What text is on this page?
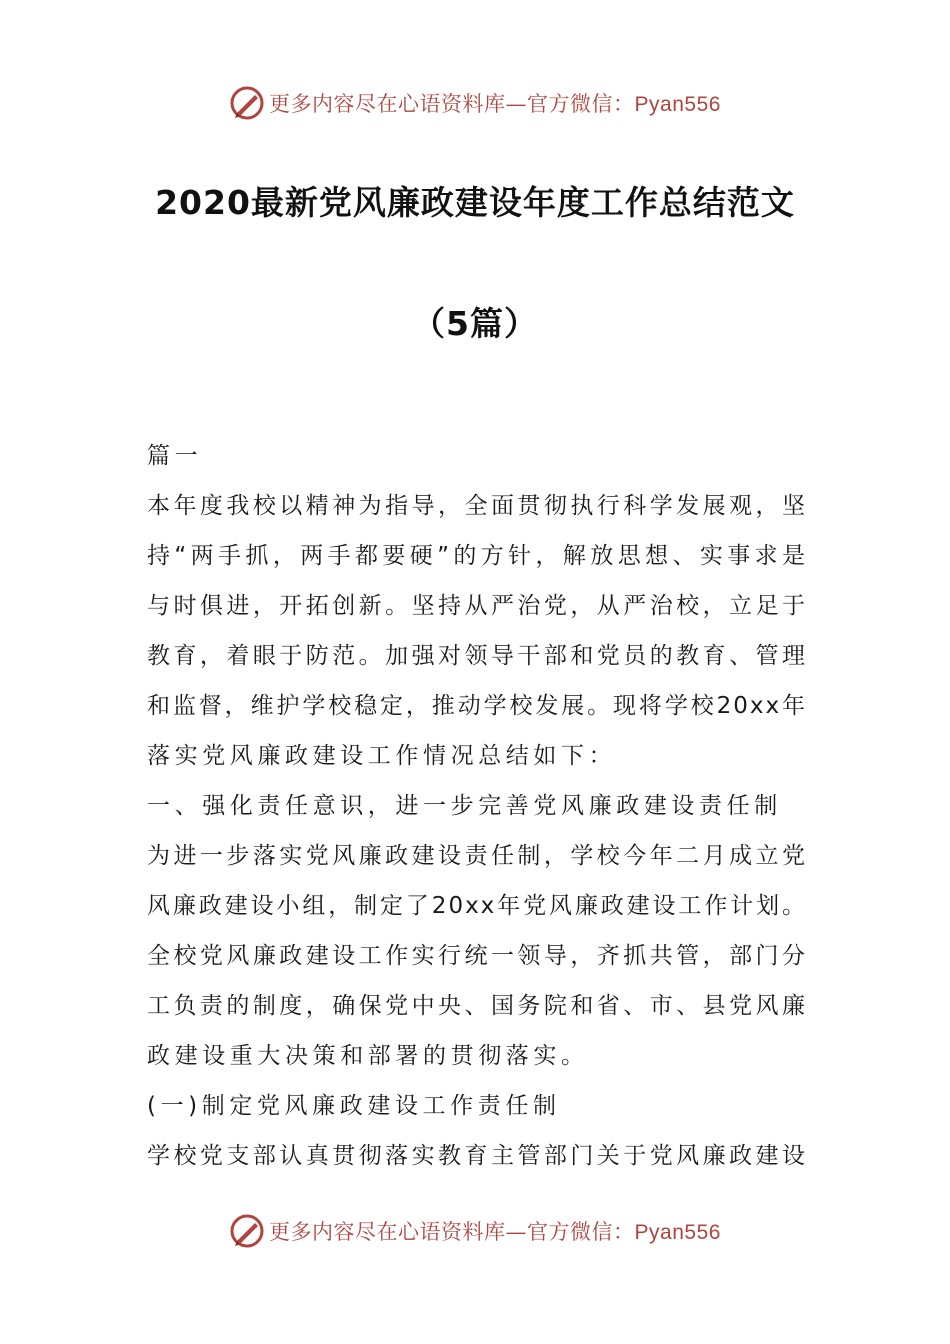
更多内容尽在心语资料库—官方微信：Pyan556
2020最新党风廉政建设年度工作总结范文
（5篇）

篇一

本年度我校以精神为指导，全面贯彻执行科学发展观，坚

持“两手抓，两手都要硬”的方针，解放思想、实事求是

与时俱进，开拓创新。坚持从严治党，从严治校，立足于

教育，着眼于防范。加强对领导干部和党员的教育、管理

和监督，维护学校稳定，推动学校发展。现将学校20xx年

落实党风廉政建设工作情况总结如下：

一、强化责任意识，进一步完善党风廉政建设责任制

为进一步落实党风廉政建设责任制，学校今年二月成立党

风廉政建设小组，制定了20xx年党风廉政建设工作计划。

全校党风廉政建设工作实行统一领导，齐抓共管，部门分

工负责的制度，确保党中央、国务院和省、市、县党风廉

政建设重大决策和部署的贯彻落实。

(一)制定党风廉政建设工作责任制

学校党支部认真贯彻落实教育主管部门关于党风廉政建设

更多内容尽在心语资料库—官方微信：Pyan556
